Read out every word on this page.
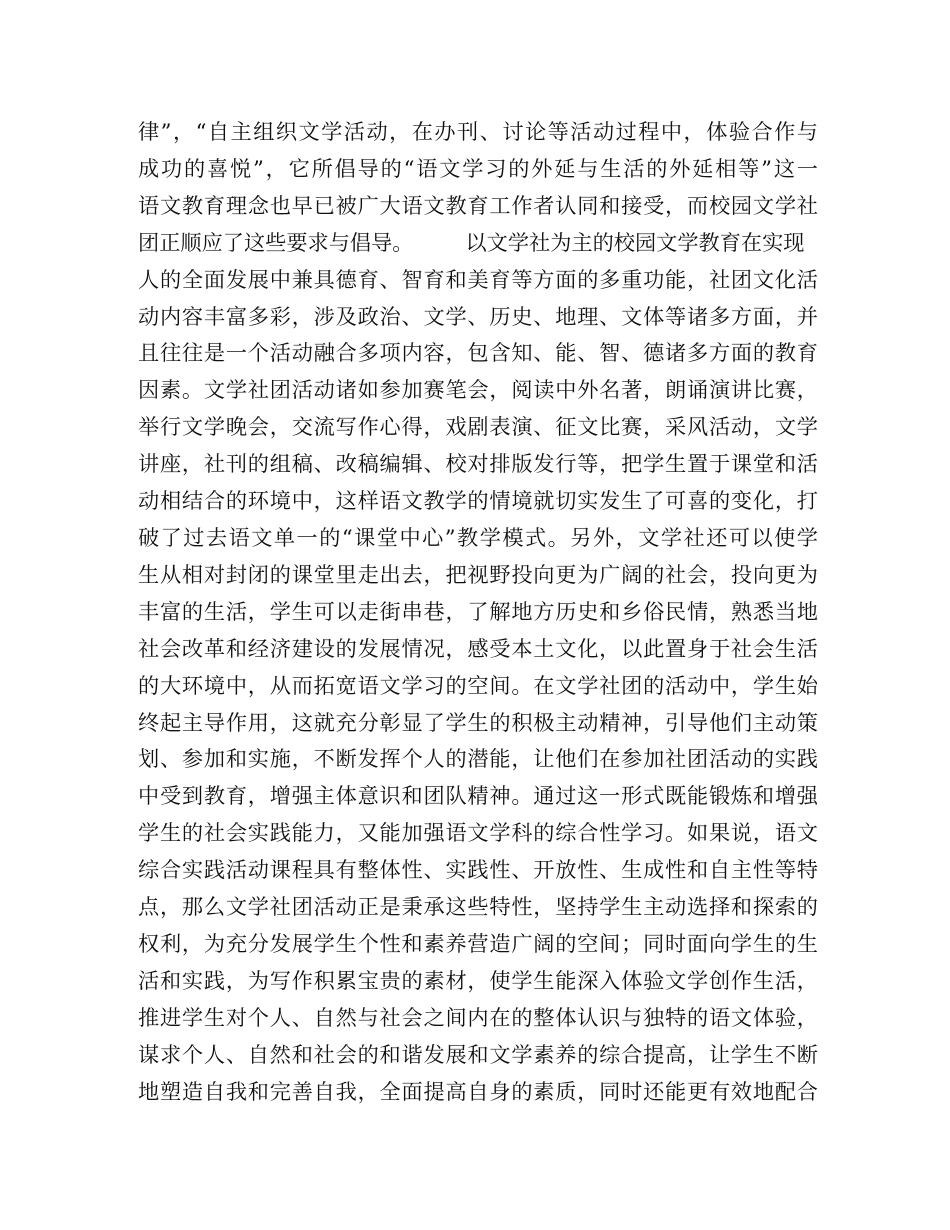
律”，“自主组织文学活动，在办刊、讨论等活动过程中，体验合作与
成功的喜悦”，它所倡导的“语文学习的外延与生活的外延相等”这一
语文教育理念也早已被广大语文教育工作者认同和接受，而校园文学社
团正顺应了这些要求与倡导。 以文学社为主的校园文学教育在实现
人的全面发展中兼具德育、智育和美育等方面的多重功能，社团文化活
动内容丰富多彩，涉及政治、文学、历史、地理、文体等诸多方面，并
且往往是一个活动融合多项内容，包含知、能、智、德诸多方面的教育
因素。文学社团活动诸如参加赛笔会，阅读中外名著，朗诵演讲比赛，
举行文学晚会，交流写作心得，戏剧表演、征文比赛，采风活动，文学
讲座，社刊的组稿、改稿编辑、校对排版发行等，把学生置于课堂和活
动相结合的环境中，这样语文教学的情境就切实发生了可喜的变化，打
破了过去语文单一的“课堂中心”教学模式。另外，文学社还可以使学
生从相对封闭的课堂里走出去，把视野投向更为广阔的社会，投向更为
丰富的生活，学生可以走街串巷，了解地方历史和乡俗民情，熟悉当地
社会改革和经济建设的发展情况，感受本土文化，以此置身于社会生活
的大环境中，从而拓宽语文学习的空间。在文学社团的活动中，学生始
终起主导作用，这就充分彰显了学生的积极主动精神，引导他们主动策
划、参加和实施，不断发挥个人的潜能，让他们在参加社团活动的实践
中受到教育，增强主体意识和团队精神。通过这一形式既能锻炼和增强
学生的社会实践能力，又能加强语文学科的综合性学习。如果说，语文
综合实践活动课程具有整体性、实践性、开放性、生成性和自主性等特
点，那么文学社团活动正是秉承这些特性，坚持学生主动选择和探索的
权利，为充分发展学生个性和素养营造广阔的空间；同时面向学生的生
活和实践，为写作积累宝贵的素材，使学生能深入体验文学创作生活，
推进学生对个人、自然与社会之间内在的整体认识与独特的语文体验，
谋求个人、自然和社会的和谐发展和文学素养的综合提高，让学生不断
地塑造自我和完善自我，全面提高自身的素质，同时还能更有效地配合
